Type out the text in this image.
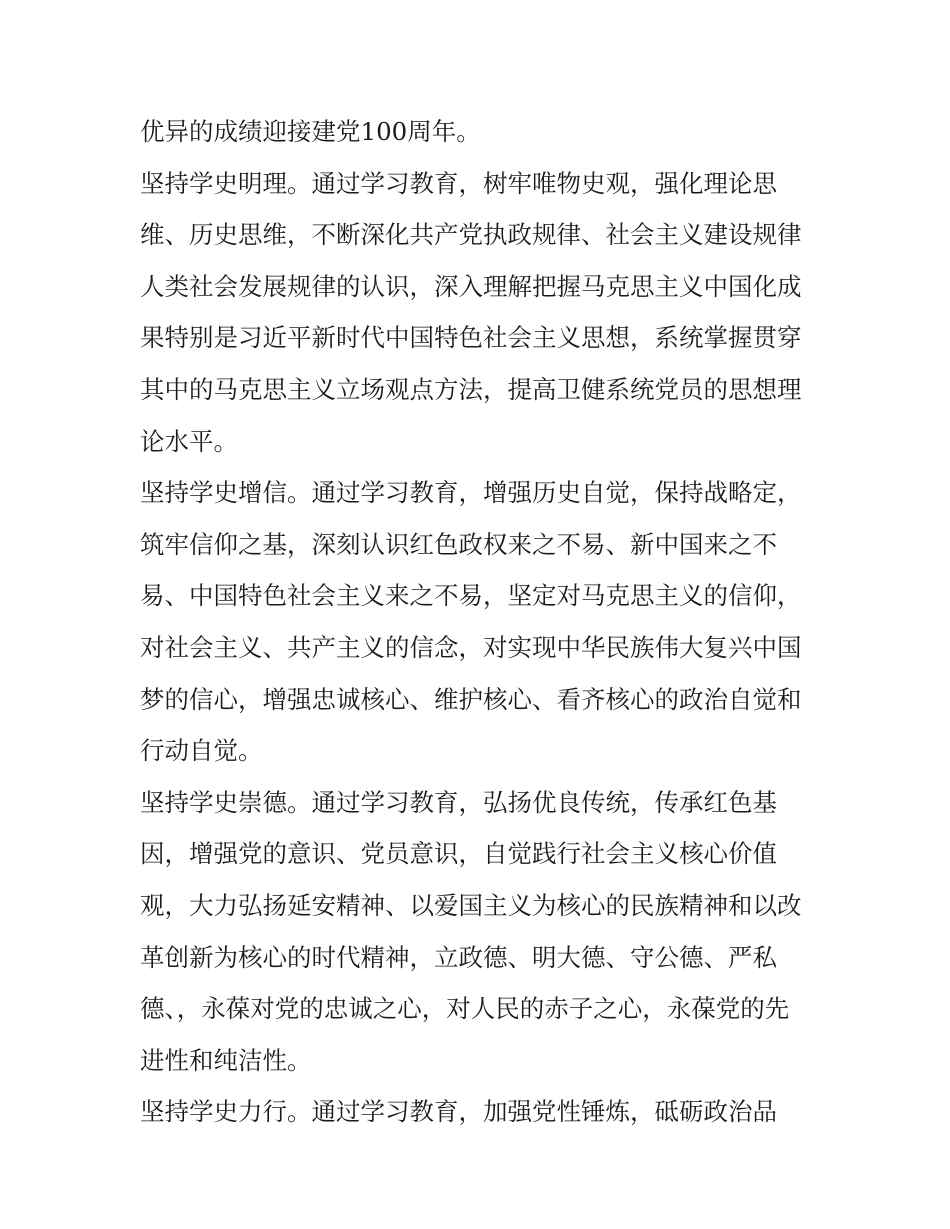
优异的成绩迎接建党100周年。
坚持学史明理。通过学习教育，树牢唯物史观，强化理论思
维、历史思维，不断深化共产党执政规律、社会主义建设规律
人类社会发展规律的认识，深入理解把握马克思主义中国化成
果特别是习近平新时代中国特色社会主义思想，系统掌握贯穿
其中的马克思主义立场观点方法，提高卫健系统党员的思想理
论水平。
坚持学史增信。通过学习教育，增强历史自觉，保持战略定，
筑牢信仰之基，深刻认识红色政权来之不易、新中国来之不
易、中国特色社会主义来之不易，坚定对马克思主义的信仰，
对社会主义、共产主义的信念，对实现中华民族伟大复兴中国
梦的信心，增强忠诚核心、维护核心、看齐核心的政治自觉和
行动自觉。
坚持学史崇德。通过学习教育，弘扬优良传统，传承红色基
因，增强党的意识、党员意识，自觉践行社会主义核心价值
观，大力弘扬延安精神、以爱国主义为核心的民族精神和以改
革创新为核心的时代精神，立政德、明大德、守公德、严私
德、，永葆对党的忠诚之心，对人民的赤子之心，永葆党的先
进性和纯洁性。
坚持学史力行。通过学习教育，加强党性锤炼，砥砺政治品
